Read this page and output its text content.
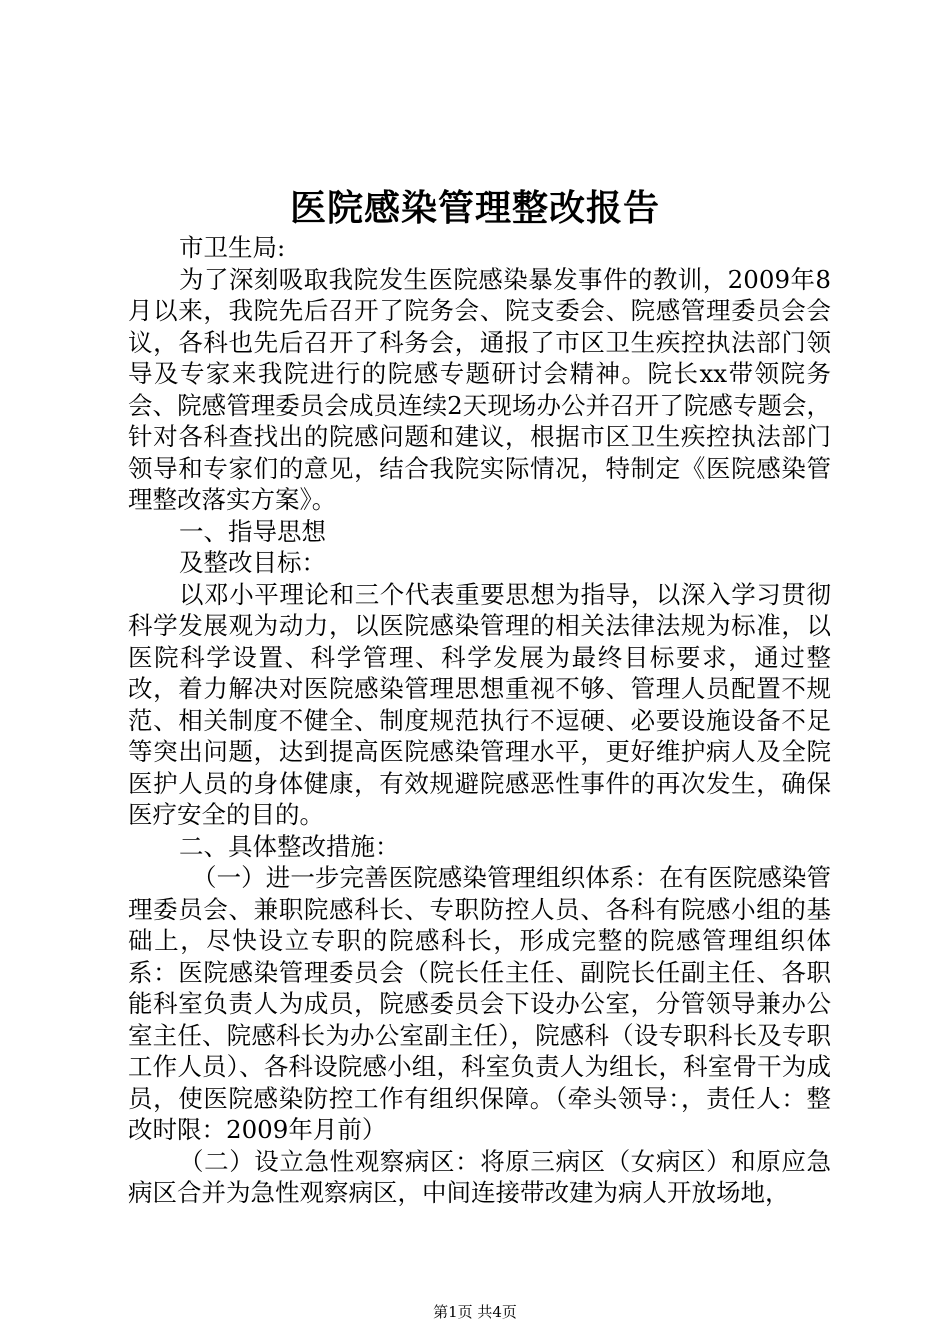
医院感染管理整改报告

市卫生局:

为了深刻吸取我院发生医院感染暴发事件的教训，2009年8月以来，我院先后召开了院务会、院支委会、院感管理委员会会议，各科也先后召开了科务会，通报了市区卫生疾控执法部门领导及专家来我院进行的院感专题研讨会精神。院长xx带领院务会、院感管理委员会成员连续2天现场办公并召开了院感专题会，针对各科查找出的院感问题和建议，根据市区卫生疾控执法部门领导和专家们的意见，结合我院实际情况，特制定《医院感染管理整改落实方案》。

一、指导思想

及整改目标：

以邓小平理论和三个代表重要思想为指导，以深入学习贯彻科学发展观为动力，以医院感染管理的相关法律法规为标准，以医院科学设置、科学管理、科学发展为最终目标要求，通过整改，着力解决对医院感染管理思想重视不够、管理人员配置不规范、相关制度不健全、制度规范执行不逗硬、必要设施设备不足等突出问题，达到提高医院感染管理水平，更好维护病人及全院医护人员的身体健康，有效规避院感恶性事件的再次发生，确保医疗安全的目的。

二、具体整改措施：

（一）进一步完善医院感染管理组织体系：在有医院感染管理委员会、兼职院感科长、专职防控人员、各科有院感小组的基础上，尽快设立专职的院感科长，形成完整的院感管理组织体系：医院感染管理委员会（院长任主任、副院长任副主任、各职能科室负责人为成员，院感委员会下设办公室，分管领导兼办公室主任、院感科长为办公室副主任），院感科（设专职科长及专职工作人员）、各科设院感小组，科室负责人为组长，科室骨干为成员，使医院感染防控工作有组织保障。（牵头领导：，责任人：整改时限：2009年月前）

（二）设立急性观察病区：将原三病区（女病区）和原应急病区合并为急性观察病区，中间连接带改建为病人开放场地，

第1页 共4页
